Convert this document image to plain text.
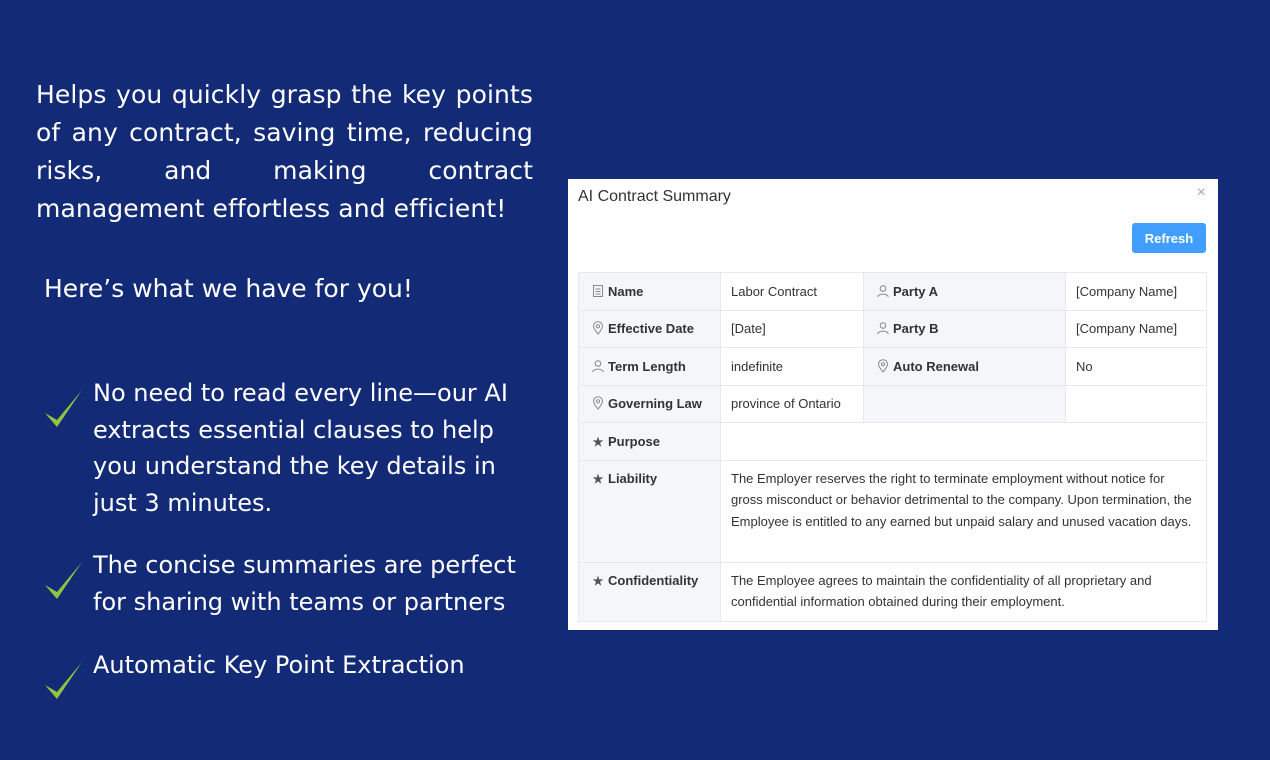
Helps you quickly grasp the key points of any contract, saving time, reducing risks, and making contract management effortless and efficient!
Here’s what we have for you!
No need to read every line—our AI extracts essential clauses to help you understand the key details in just 3 minutes.
The concise summaries are perfect for sharing with teams or partners
Automatic Key Point Extraction
AI Contract Summary	×
Refresh
Name	Labor Contract	Party A	[Company Name]
Effective Date	[Date]	Party B	[Company Name]
Term Length	indefinite	Auto Renewal	No
Governing Law	province of Ontario		
★ Purpose			
★ Liability	The Employer reserves the right to terminate employment without notice for gross misconduct or behavior detrimental to the company. Upon termination, the Employee is entitled to any earned but unpaid salary and unused vacation days.		
★ Confidentiality	The Employee agrees to maintain the confidentiality of all proprietary and confidential information obtained during their employment.		
